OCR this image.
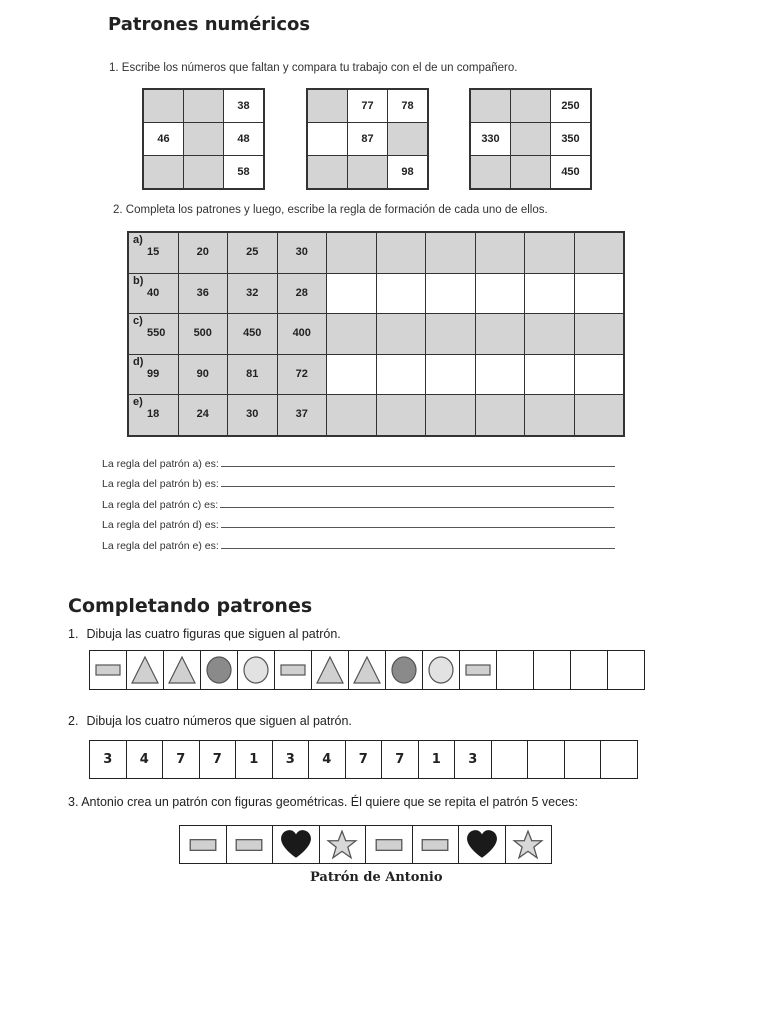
Patrones numéricos
1. Escribe los números que faltan y compara tu trabajo con el de un compañero.
		38
46		48
		58
	77	78
	87	
		98
		250
330		350
		450
2. Completa los patrones y luego, escribe la regla de formación de cada uno de ellos.
a)
15	20	25	30						

b)
40	36	32	28						

c)
550	500	450	400						

d)
99	90	81	72						

e)
18	24	30	37						

La regla del patrón a) es:
La regla del patrón b) es:
La regla del patrón c) es:
La regla del patrón d) es:
La regla del patrón e) es:
Completando patrones
1. Dibuja las cuatro figuras que siguen al patrón.
2. Dibuja los cuatro números que siguen al patrón.
3	4	7	7	1	3	4	7	7	1	3
3. Antonio crea un patrón con figuras geométricas. Él quiere que se repita el patrón 5 veces:
Patrón de Antonio
